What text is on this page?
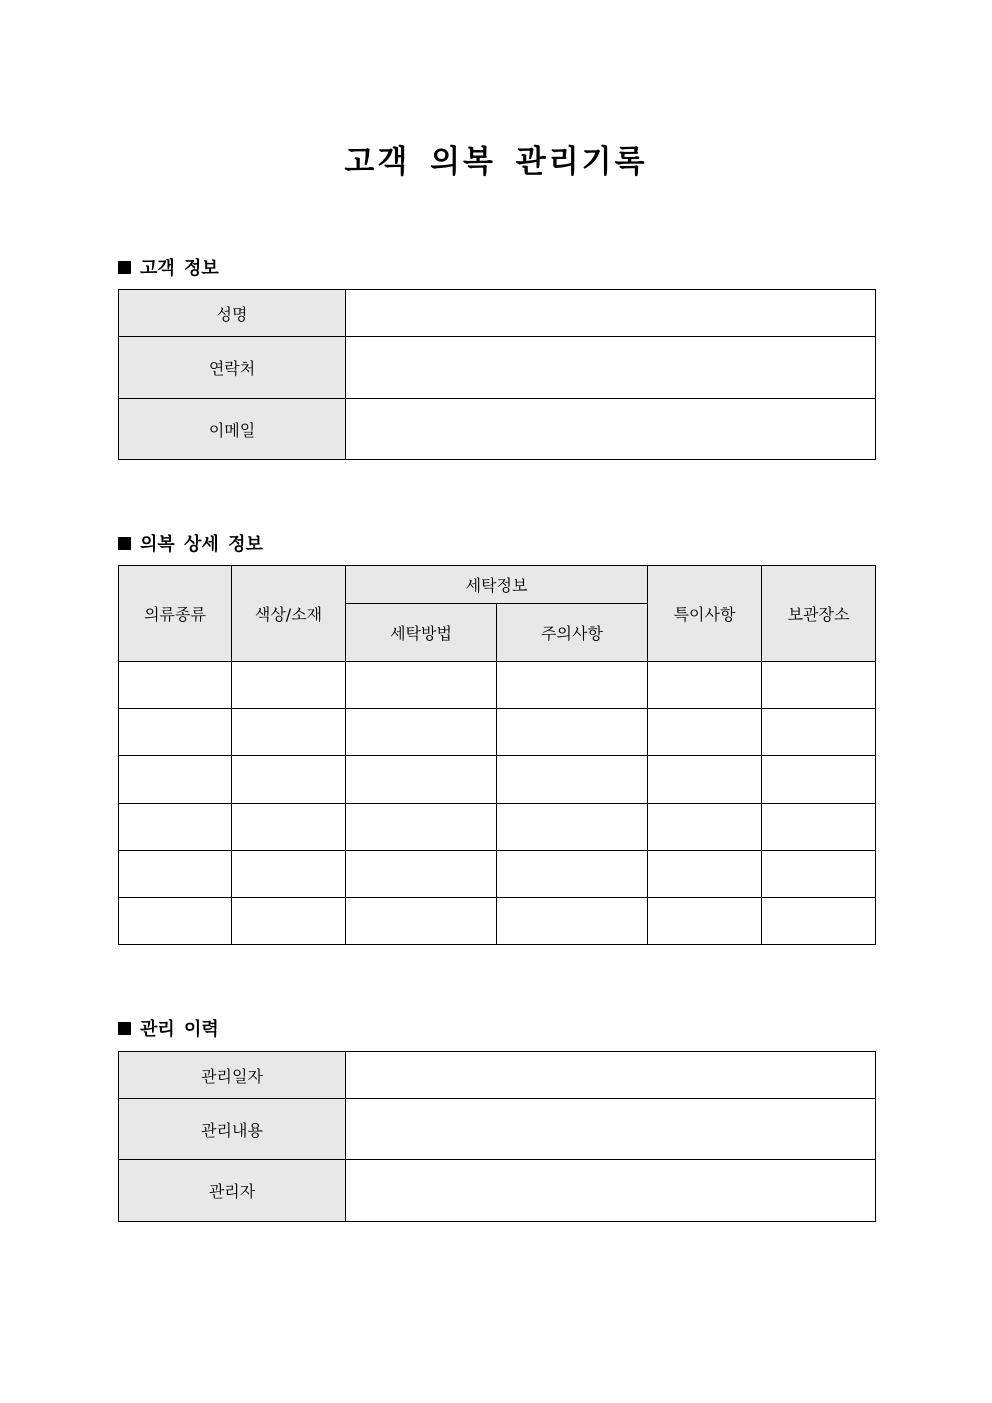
고객 의복 관리기록
고객 정보
성명	
연락처	
이메일	
의복 상세 정보
의류종류	색상/소재	세탁정보		특이사항	보관장소
		세탁방법	주의사항		

관리 이력
관리일자	
관리내용	
관리자	
